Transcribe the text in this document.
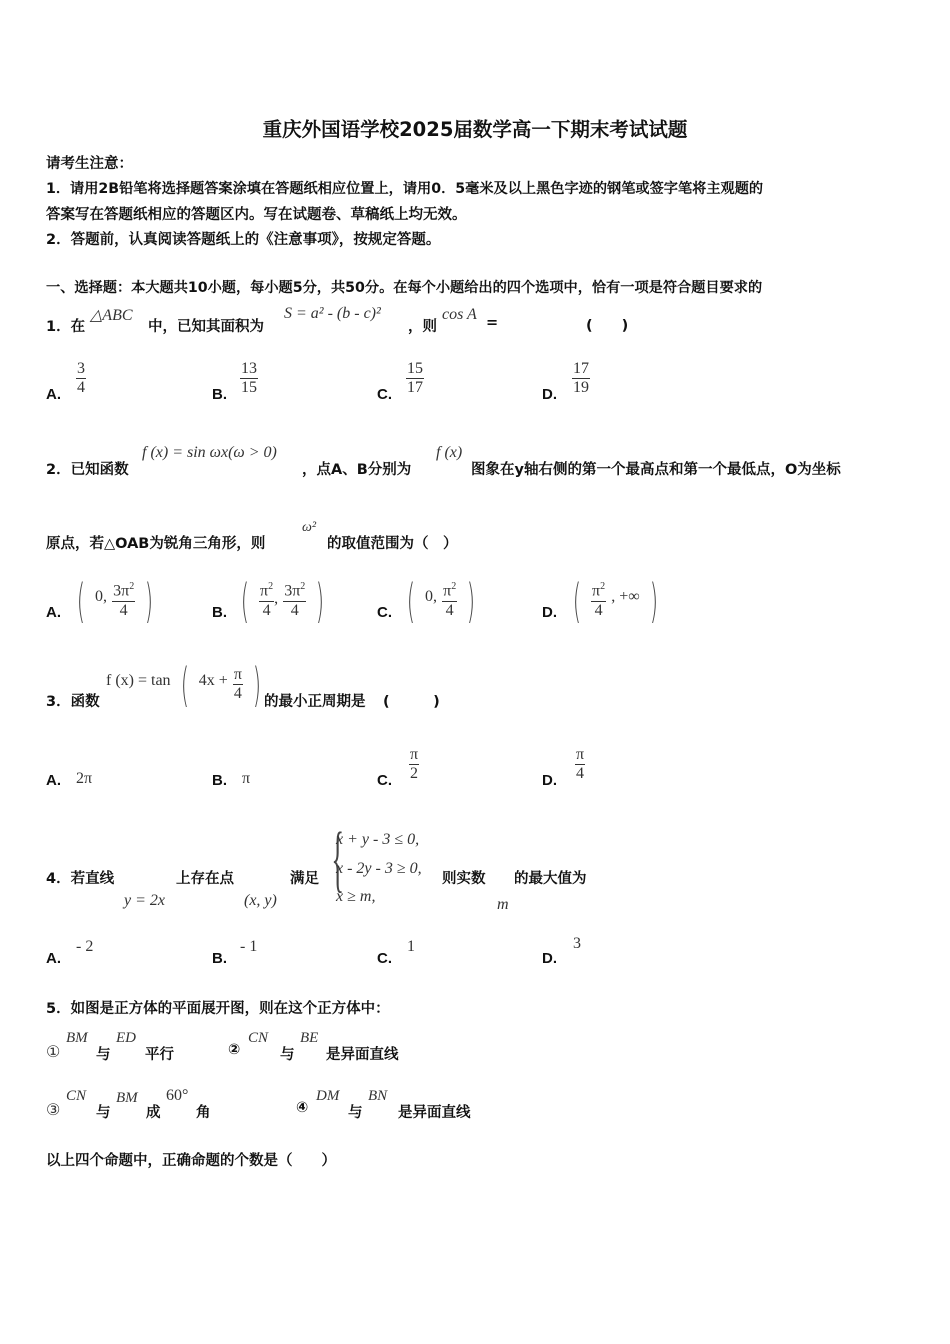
重庆外国语学校2025届数学高一下期末考试试题
请考生注意：
1．请用2B铅笔将选择题答案涂填在答题纸相应位置上，请用0．5毫米及以上黑色字迹的钢笔或签字笔将主观题的
答案写在答题纸相应的答题区内。写在试题卷、草稿纸上均无效。
2．答题前，认真阅读答题纸上的《注意事项》，按规定答题。
一、选择题：本大题共10小题，每小题5分，共50分。在每个小题给出的四个选项中，恰有一项是符合题目要求的
1．在
△ABC
中，已知其面积为
S = a² - (b - c)²
，则
cos A =	(　　)
A. $\frac{3}{4}$	B. $\frac{13}{15}$	C. $\frac{15}{17}$	D. $\frac{17}{19}$
2．已知函数
f (x) = sin ωx(ω > 0)
，点A、B分别为
f (x)
图象在y轴右侧的第一个最高点和第一个最低点，O为坐标
原点，若△OAB为锐角三角形，则
ω²
的取值范围为（　）
A. ( 0, $\frac{3\pi^2}{4}$ )	B. ( $\frac{\pi^2}{4}$ , $\frac{3\pi^2}{4}$ )	C. ( 0, $\frac{\pi^2}{4}$ )	D. ( $\frac{\pi^2}{4}$ , +∞ )
3．函数
f (x) = tan ( $4x + \frac{\pi}{4}$ ) 的最小正周期是 (　　　)
A. 2π	B. π	C. $\frac{\pi}{2}$	D. $\frac{\pi}{4}$
4．若直线
y = 2x
上存在点
(x, y)
满足 {
x + y - 3 ≤ 0,
x - 2y - 3 ≥ 0,
x ≥ m,
则实数
m
的最大值为
A.
- 2
B.
- 1
C.
1
D.
3
5．如图是正方体的平面展开图，则在这个正方体中：
①
BM
与
ED
平行	②
CN
与
BE
是异面直线
③
CN
与
BM
成
60°
角	④
DM
与
BN
是异面直线
以上四个命题中，正确命题的个数是（　　）
